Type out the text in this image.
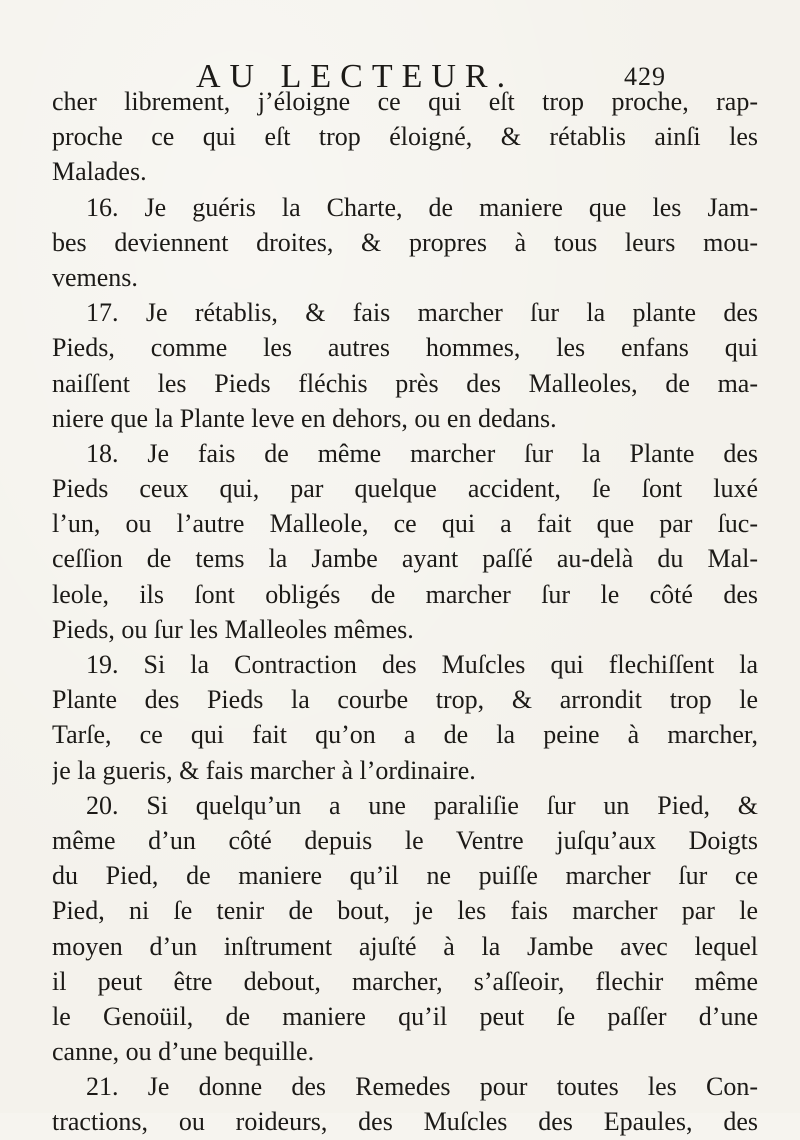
AU LECTEUR.	429
cher librement, j’éloigne ce qui eſt trop proche, rap-
proche ce qui eſt trop éloigné, & rétablis ainſi les
Malades.
16. Je guéris la Charte, de maniere que les Jam-
bes deviennent droites, & propres à tous leurs mou-
vemens.
17. Je rétablis, & fais marcher ſur la plante des
Pieds, comme les autres hommes, les enfans qui
naiſſent les Pieds fléchis près des Malleoles, de ma-
niere que la Plante leve en dehors, ou en dedans.
18. Je fais de même marcher ſur la Plante des
Pieds ceux qui, par quelque accident, ſe ſont luxé
l’un, ou l’autre Malleole, ce qui a fait que par ſuc-
ceſſion de tems la Jambe ayant paſſé au-delà du Mal-
leole, ils ſont obligés de marcher ſur le côté des
Pieds, ou ſur les Malleoles mêmes.
19. Si la Contraction des Muſcles qui flechiſſent la
Plante des Pieds la courbe trop, & arrondit trop le
Tarſe, ce qui fait qu’on a de la peine à marcher,
je la gueris, & fais marcher à l’ordinaire.
20. Si quelqu’un a une paraliſie ſur un Pied, &
même d’un côté depuis le Ventre juſqu’aux Doigts
du Pied, de maniere qu’il ne puiſſe marcher ſur ce
Pied, ni ſe tenir de bout, je les fais marcher par le
moyen d’un inſtrument ajuſté à la Jambe avec lequel
il peut être debout, marcher, s’aſſeoir, flechir même
le Genoüil, de maniere qu’il peut ſe paſſer d’une
canne, ou d’une bequille.
21. Je donne des Remedes pour toutes les Con-
tractions, ou roideurs, des Muſcles des Epaules, des
